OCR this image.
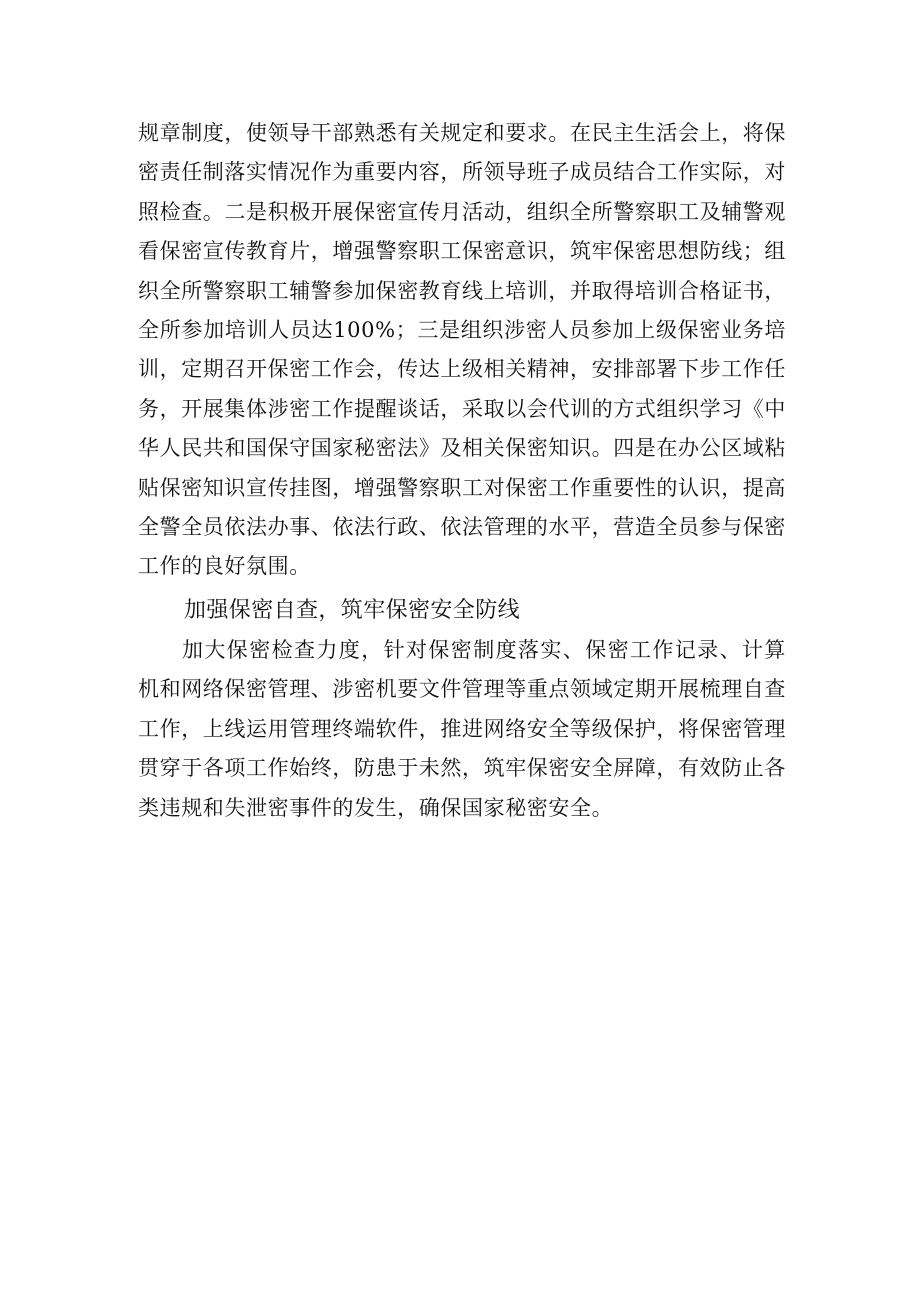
规章制度，使领导干部熟悉有关规定和要求。在民主生活会上，将保密责任制落实情况作为重要内容，所领导班子成员结合工作实际，对照检查。二是积极开展保密宣传月活动，组织全所警察职工及辅警观看保密宣传教育片，增强警察职工保密意识，筑牢保密思想防线；组织全所警察职工辅警参加保密教育线上培训，并取得培训合格证书，全所参加培训人员达100%；三是组织涉密人员参加上级保密业务培训，定期召开保密工作会，传达上级相关精神，安排部署下步工作任务，开展集体涉密工作提醒谈话，采取以会代训的方式组织学习《中华人民共和国保守国家秘密法》及相关保密知识。四是在办公区域粘贴保密知识宣传挂图，增强警察职工对保密工作重要性的认识，提高全警全员依法办事、依法行政、依法管理的水平，营造全员参与保密工作的良好氛围。

加强保密自查，筑牢保密安全防线

加大保密检查力度，针对保密制度落实、保密工作记录、计算机和网络保密管理、涉密机要文件管理等重点领域定期开展梳理自查工作，上线运用管理终端软件，推进网络安全等级保护，将保密管理贯穿于各项工作始终，防患于未然，筑牢保密安全屏障，有效防止各类违规和失泄密事件的发生，确保国家秘密安全。
